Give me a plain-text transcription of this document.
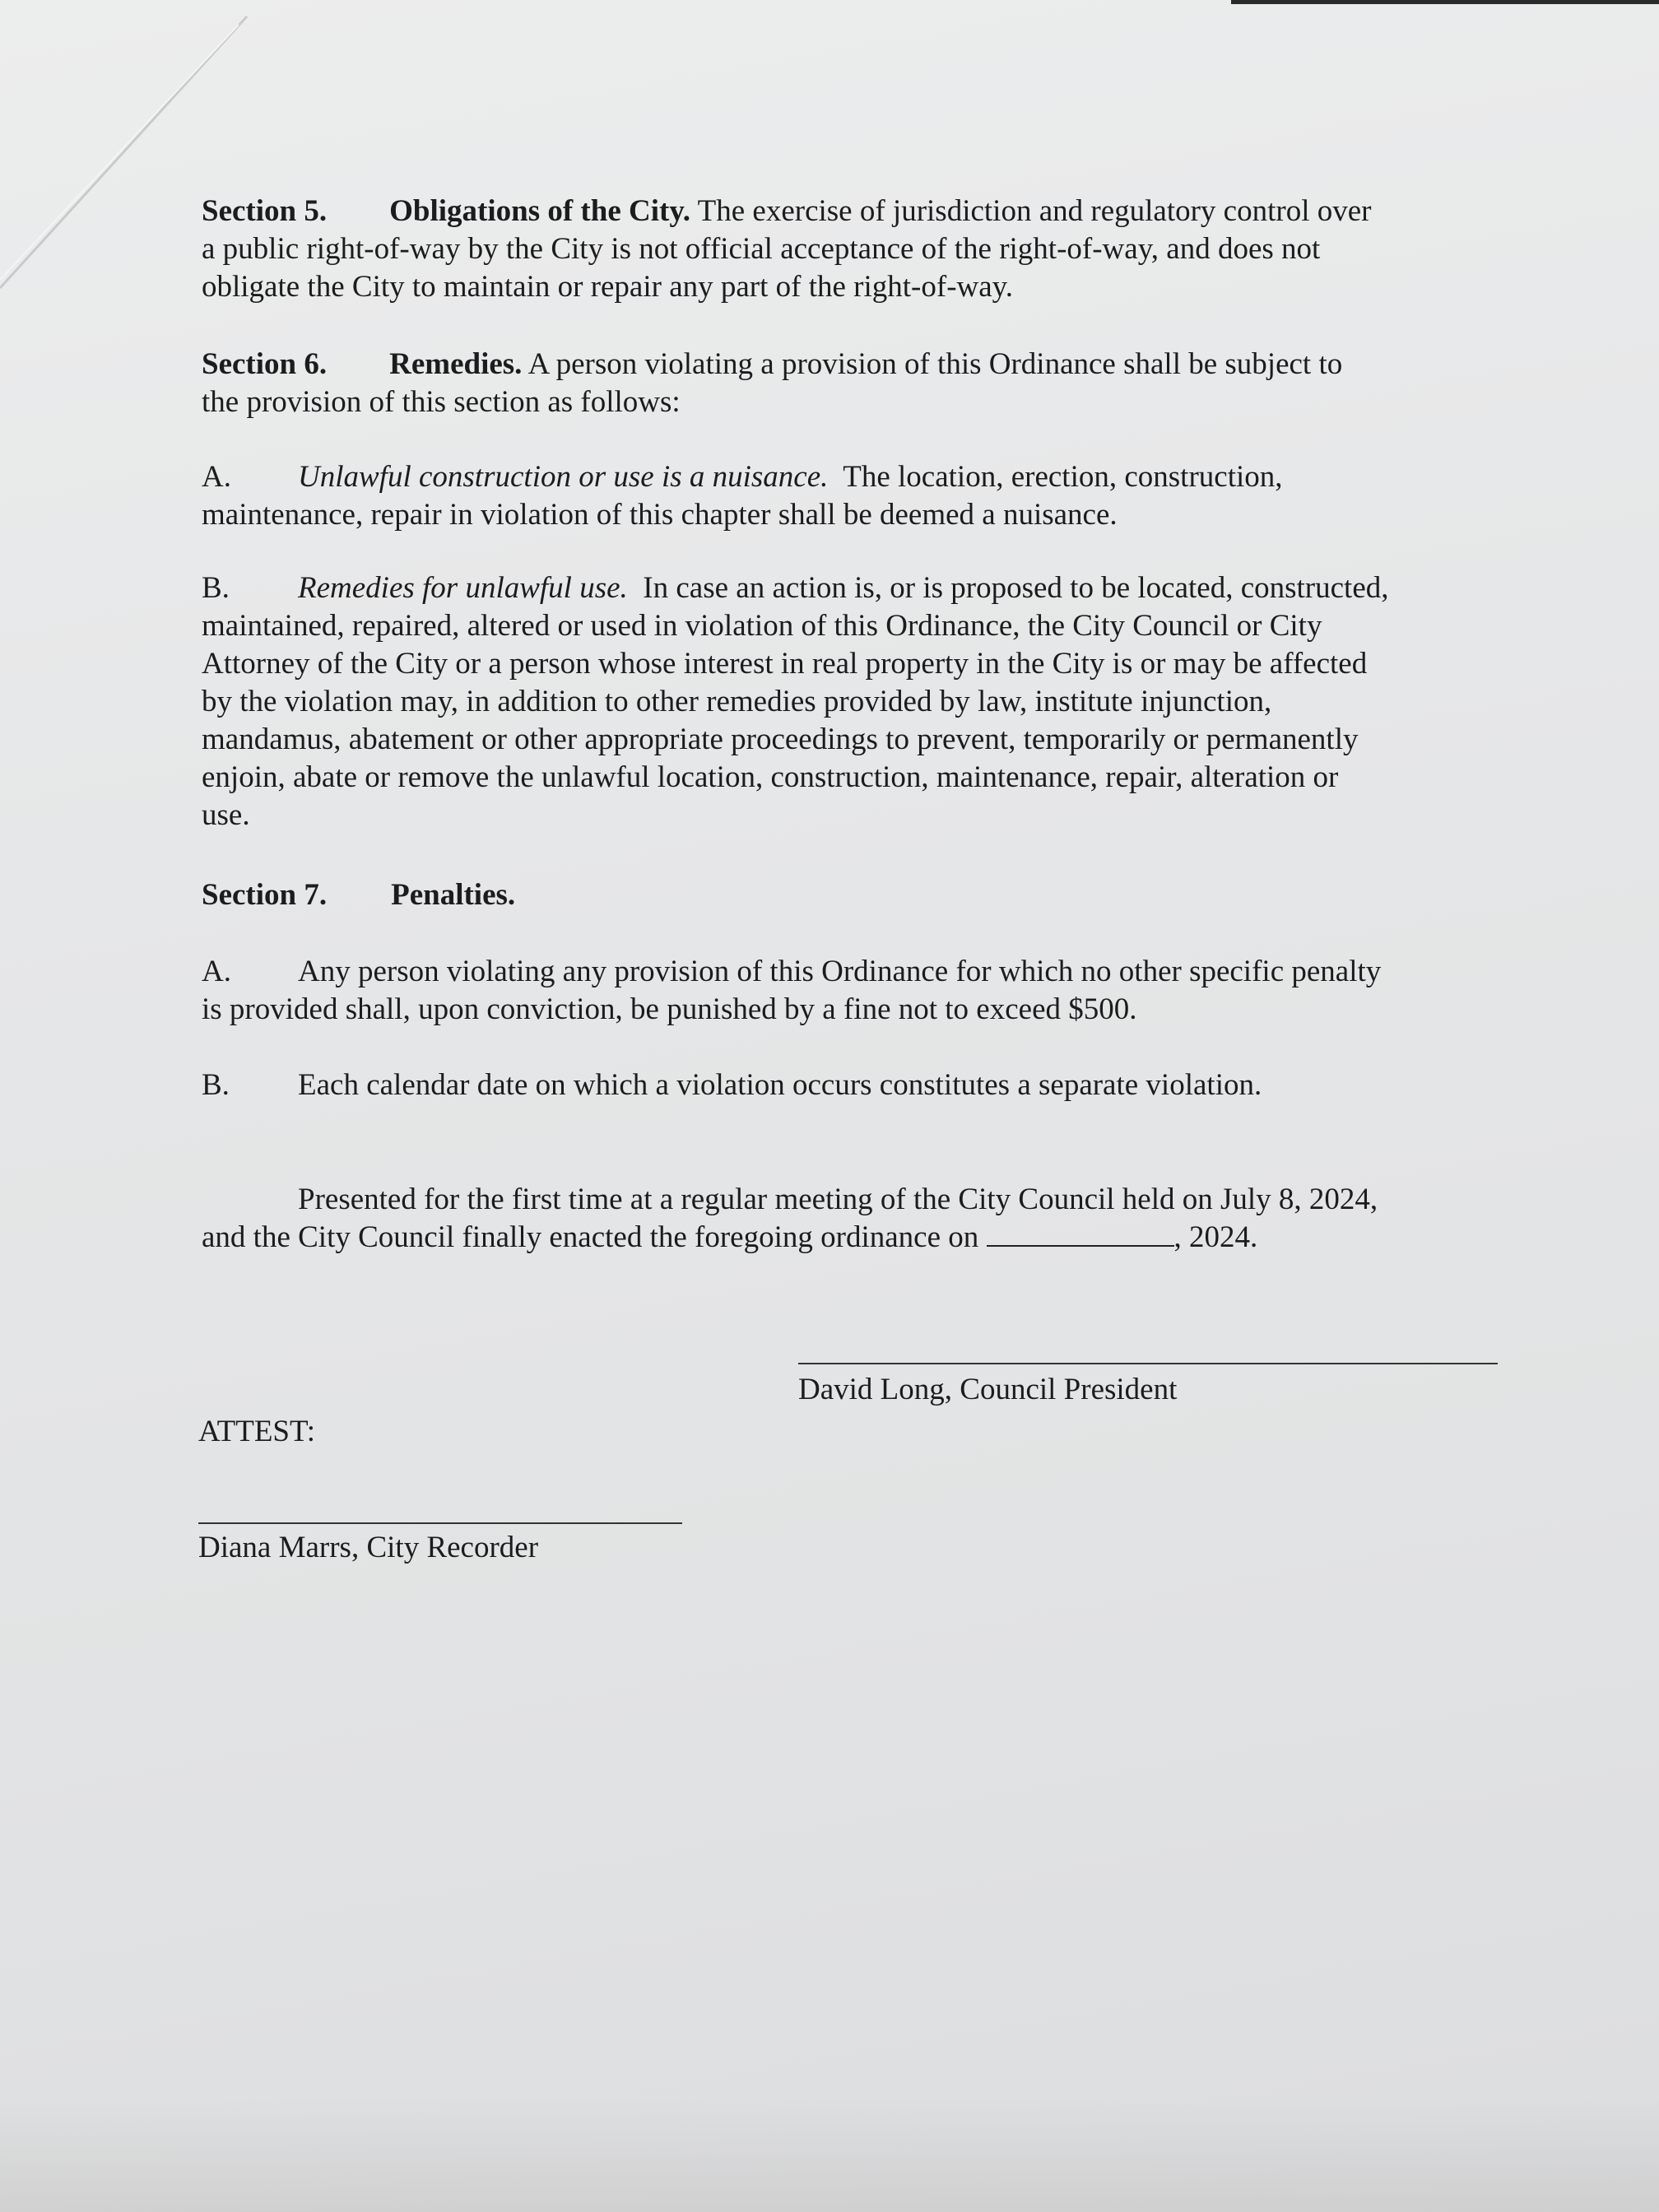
Section 5. Obligations of the City. The exercise of jurisdiction and regulatory control over
a public right-of-way by the City is not official acceptance of the right-of-way, and does not
obligate the City to maintain or repair any part of the right-of-way.
Section 6. Remedies. A person violating a provision of this Ordinance shall be subject to
the provision of this section as follows:
A. Unlawful construction or use is a nuisance. The location, erection, construction,
maintenance, repair in violation of this chapter shall be deemed a nuisance.
B. Remedies for unlawful use. In case an action is, or is proposed to be located, constructed,
maintained, repaired, altered or used in violation of this Ordinance, the City Council or City
Attorney of the City or a person whose interest in real property in the City is or may be affected
by the violation may, in addition to other remedies provided by law, institute injunction,
mandamus, abatement or other appropriate proceedings to prevent, temporarily or permanently
enjoin, abate or remove the unlawful location, construction, maintenance, repair, alteration or
use.
Section 7. Penalties.
A. Any person violating any provision of this Ordinance for which no other specific penalty
is provided shall, upon conviction, be punished by a fine not to exceed $500.
B. Each calendar date on which a violation occurs constitutes a separate violation.
Presented for the first time at a regular meeting of the City Council held on July 8, 2024,
and the City Council finally enacted the foregoing ordinance on	, 2024.
David Long, Council President
ATTEST:
Diana Marrs, City Recorder
